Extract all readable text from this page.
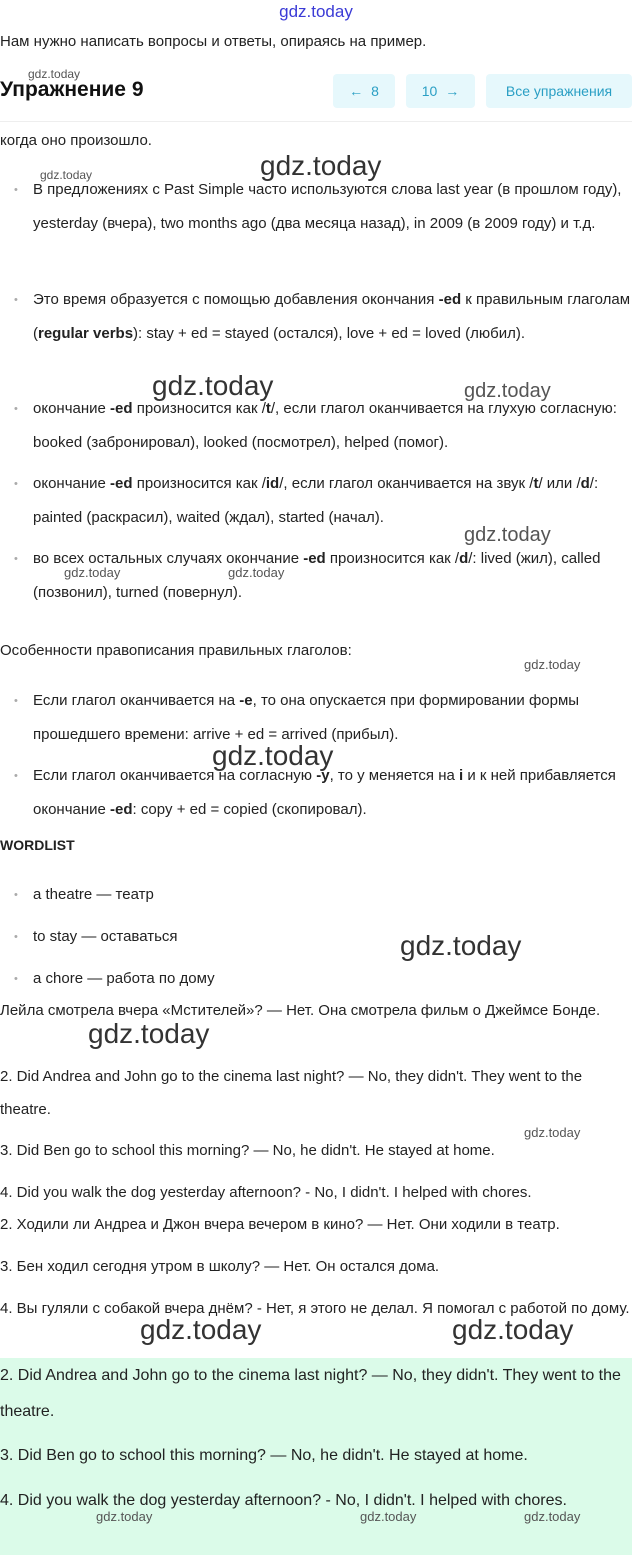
gdz.today
Нам нужно написать вопросы и ответы, опираясь на пример.
Упражнение 9	← 8	10 →	Все упражнения
когда оно произошло.
• В предложениях с Past Simple часто используются слова last year (в прошлом году), yesterday (вчера), two months ago (два месяца назад), in 2009 (в 2009 году) и т.д.
• Это время образуется с помощью добавления окончания -ed к правильным глаголам (regular verbs): stay + ed = stayed (остался), love + ed = loved (любил).
• окончание -ed произносится как /t/, если глагол оканчивается на глухую согласную: booked (забронировал), looked (посмотрел), helped (помог).
• окончание -ed произносится как /id/, если глагол оканчивается на звук /t/ или /d/: painted (раскрасил), waited (ждал), started (начал).
• во всех остальных случаях окончание -ed произносится как /d/: lived (жил), called (позвонил), turned (повернул).
Особенности правописания правильных глаголов:
• Если глагол оканчивается на -e, то она опускается при формировании формы прошедшего времени: arrive + ed = arrived (прибыл).
• Если глагол оканчивается на согласную -y, то у меняется на i и к ней прибавляется окончание -ed: copy + ed = copied (скопировал).
WORDLIST
• a theatre — театр
• to stay — оставаться
• a chore — работа по дому
Лейла смотрела вчера «Мстителей»? — Нет. Она смотрела фильм о Джеймсе Бонде.
2. Did Andrea and John go to the cinema last night? — No, they didn't. They went to the theatre.
3. Did Ben go to school this morning? — No, he didn't. He stayed at home.
4. Did you walk the dog yesterday afternoon? - No, I didn't. I helped with chores.
2. Ходили ли Андреа и Джон вчера вечером в кино? — Нет. Они ходили в театр.
3. Бен ходил сегодня утром в школу? — Нет. Он остался дома.
4. Вы гуляли с собакой вчера днём? - Нет, я этого не делал. Я помогал с работой по дому.
2. Did Andrea and John go to the cinema last night? — No, they didn't. They went to the theatre.
3. Did Ben go to school this morning? — No, he didn't. He stayed at home.
4. Did you walk the dog yesterday afternoon? - No, I didn't. I helped with chores.
gdz.today
gdz.today	gdz.today
gdz.today	gdz.today
gdz.today
gdz.today	gdz.today
gdz.today
gdz.today
gdz.today
gdz.today
gdz.today
gdz.today	gdz.today
gdz.today	gdz.today	gdz.today
